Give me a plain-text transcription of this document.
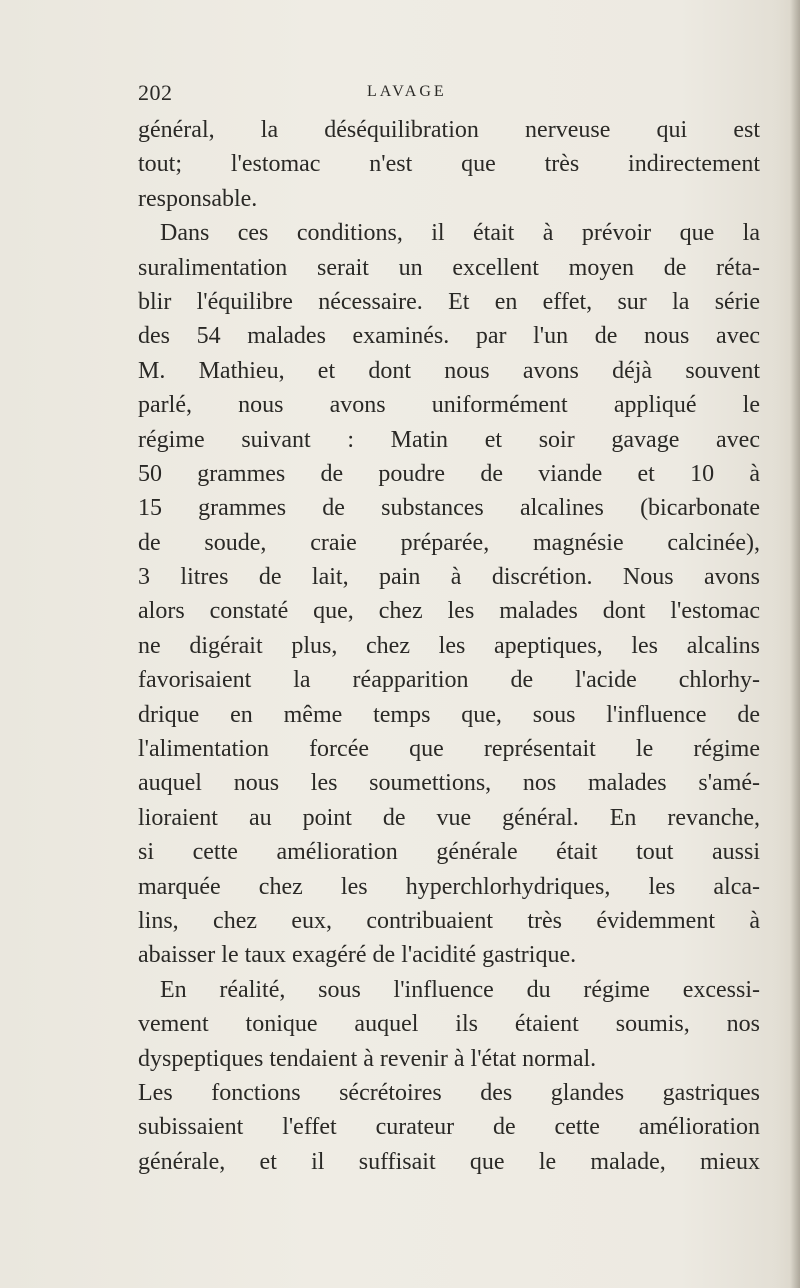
202	LAVAGE
général, la déséquilibration nerveuse qui est
tout; l'estomac n'est que très indirectement
responsable.
Dans ces conditions, il était à prévoir que la
suralimentation serait un excellent moyen de réta-
blir l'équilibre nécessaire. Et en effet, sur la série
des 54 malades examinés. par l'un de nous avec
M. Mathieu, et dont nous avons déjà souvent
parlé, nous avons uniformément appliqué le
régime suivant : Matin et soir gavage avec
50 grammes de poudre de viande et 10 à
15 grammes de substances alcalines (bicarbonate
de soude, craie préparée, magnésie calcinée),
3 litres de lait, pain à discrétion. Nous avons
alors constaté que, chez les malades dont l'estomac
ne digérait plus, chez les apeptiques, les alcalins
favorisaient la réapparition de l'acide chlorhy-
drique en même temps que, sous l'influence de
l'alimentation forcée que représentait le régime
auquel nous les soumettions, nos malades s'amé-
lioraient au point de vue général. En revanche,
si cette amélioration générale était tout aussi
marquée chez les hyperchlorhydriques, les alca-
lins, chez eux, contribuaient très évidemment à
abaisser le taux exagéré de l'acidité gastrique.
En réalité, sous l'influence du régime excessi-
vement tonique auquel ils étaient soumis, nos
dyspeptiques tendaient à revenir à l'état normal.
Les fonctions sécrétoires des glandes gastriques
subissaient l'effet curateur de cette amélioration
générale, et il suffisait que le malade, mieux
